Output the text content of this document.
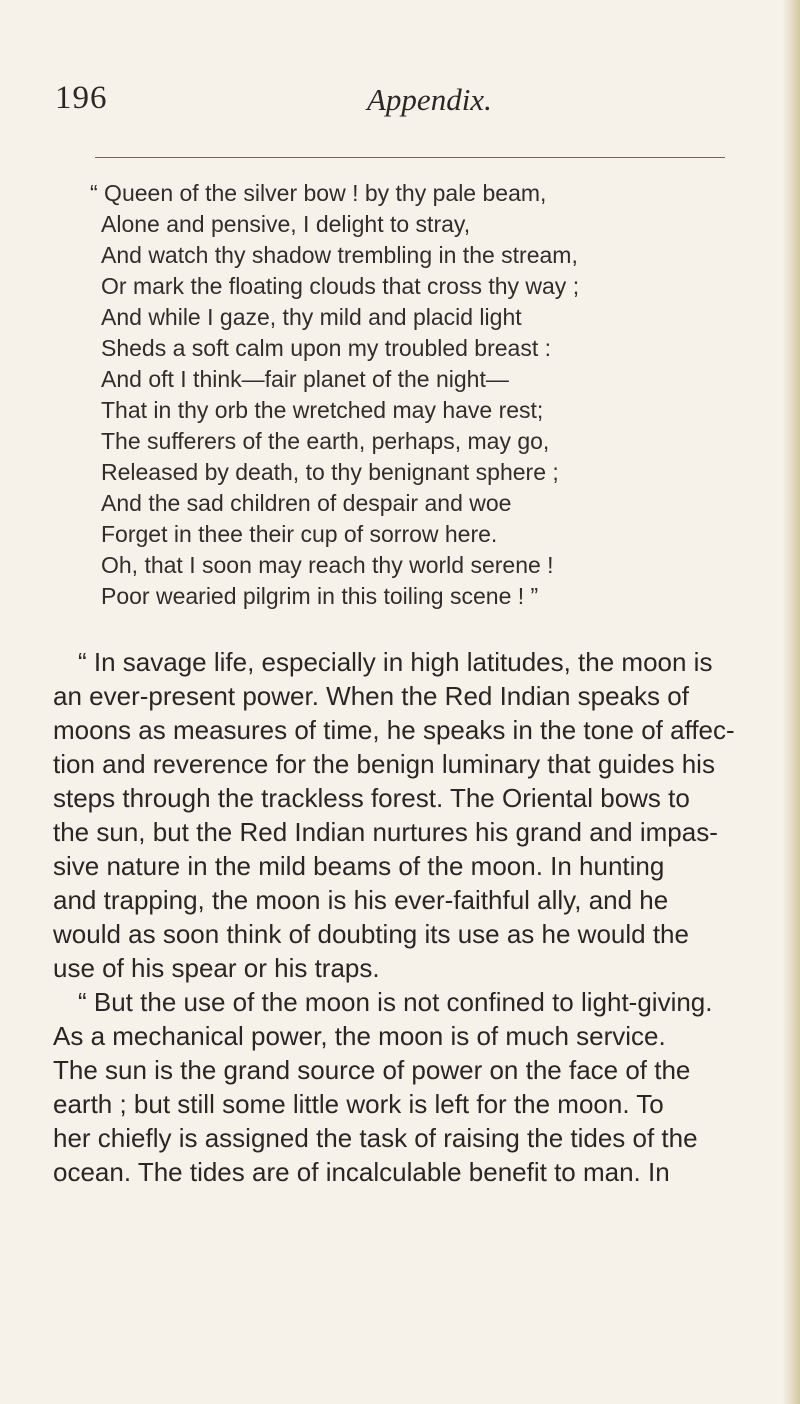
196	Appendix.
“ Queen of the silver bow ! by thy pale beam,
Alone and pensive, I delight to stray,
And watch thy shadow trembling in the stream,
Or mark the floating clouds that cross thy way ;
And while I gaze, thy mild and placid light
Sheds a soft calm upon my troubled breast :
And oft I think—fair planet of the night—
That in thy orb the wretched may have rest;
The sufferers of the earth, perhaps, may go,
Released by death, to thy benignant sphere ;
And the sad children of despair and woe
Forget in thee their cup of sorrow here.
Oh, that I soon may reach thy world serene !
Poor wearied pilgrim in this toiling scene ! ”
“ In savage life, especially in high latitudes, the moon is
an ever-present power. When the Red Indian speaks of
moons as measures of time, he speaks in the tone of affec-
tion and reverence for the benign luminary that guides his
steps through the trackless forest. The Oriental bows to
the sun, but the Red Indian nurtures his grand and impas-
sive nature in the mild beams of the moon. In hunting
and trapping, the moon is his ever-faithful ally, and he
would as soon think of doubting its use as he would the
use of his spear or his traps.
“ But the use of the moon is not confined to light-giving.
As a mechanical power, the moon is of much service.
The sun is the grand source of power on the face of the
earth ; but still some little work is left for the moon. To
her chiefly is assigned the task of raising the tides of the
ocean. The tides are of incalculable benefit to man. In
